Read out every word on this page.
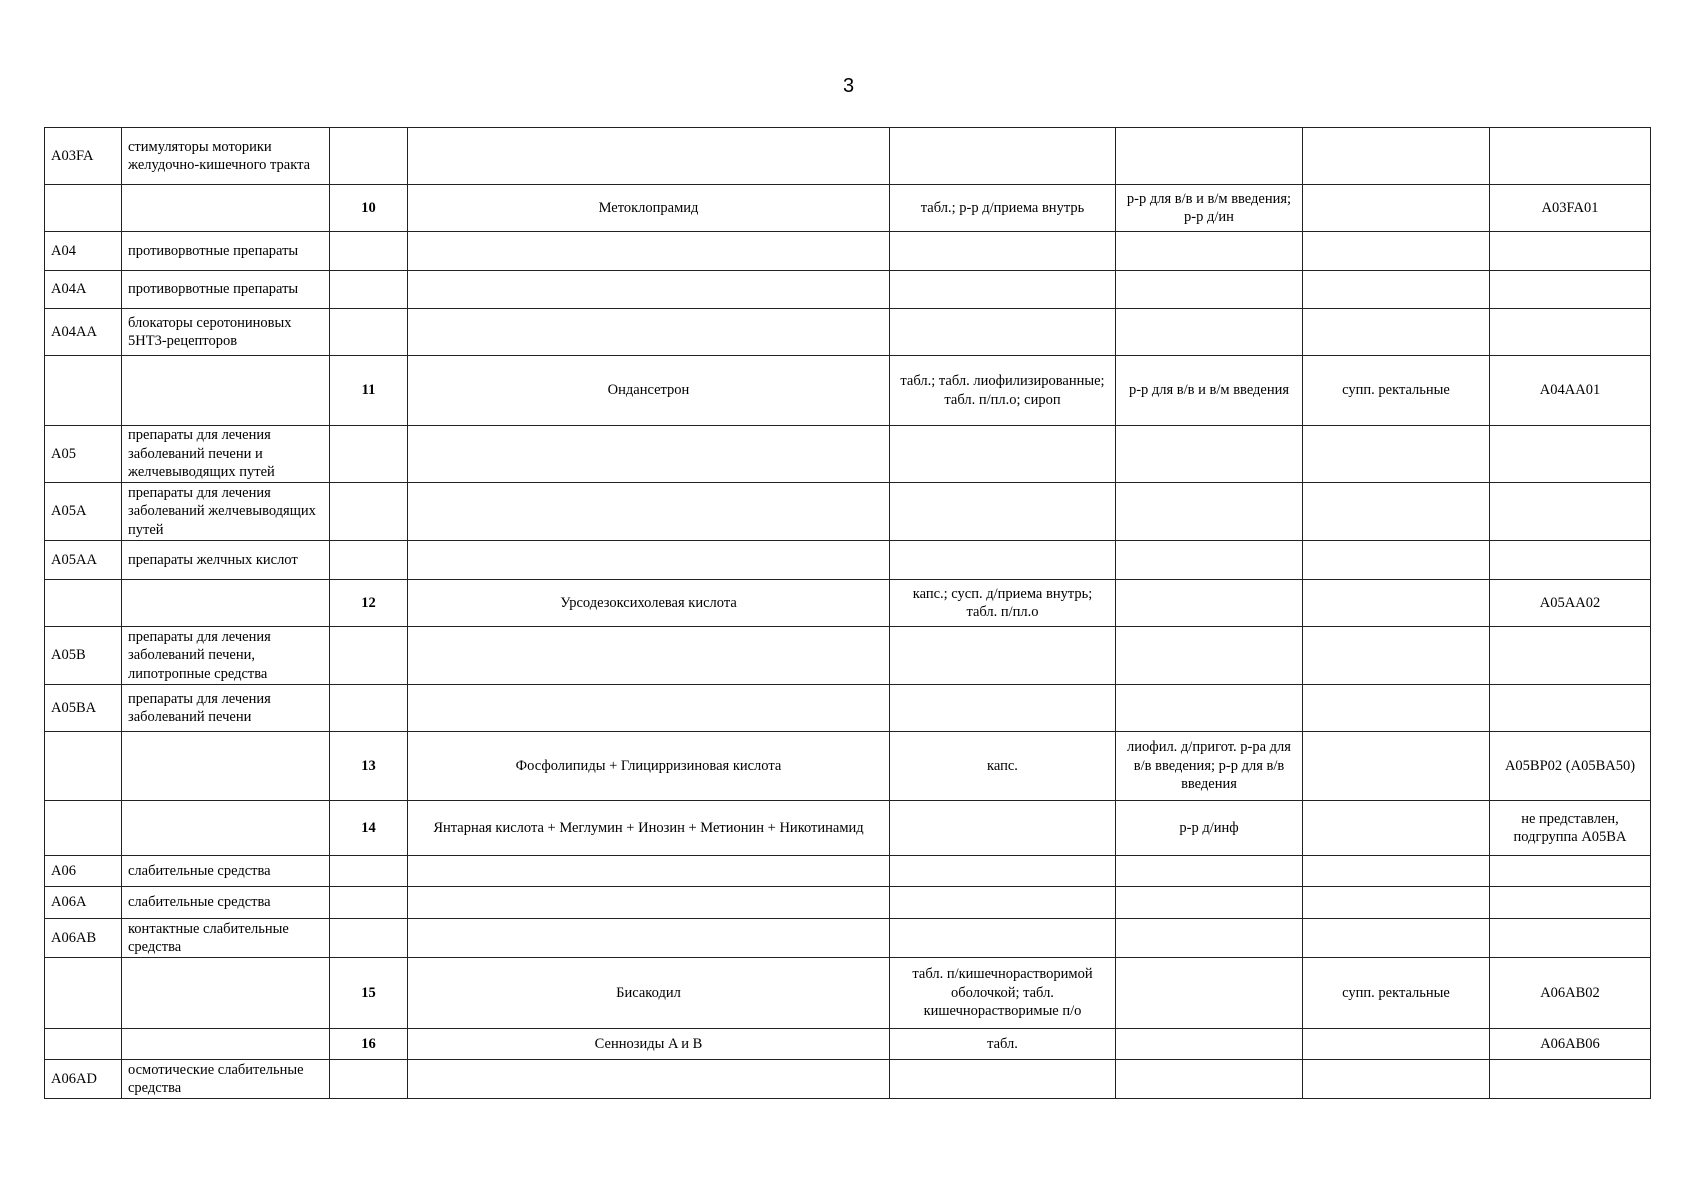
3
A03FA	стимуляторы моторики желудочно-кишечного тракта						
		10	Метоклопрамид	табл.; р-р д/приема внутрь	р-р для в/в и в/м введения; р-р д/ин		A03FA01
A04	противорвотные препараты						
A04A	противорвотные препараты						
A04AA	блокаторы серотониновых 5HT3-рецепторов						
		11	Ондансетрон	табл.; табл. лиофилизированные; табл. п/пл.о; сироп	р-р для в/в и в/м введения	супп. ректальные	A04AA01
A05	препараты для лечения заболеваний печени и желчевыводящих путей						
A05A	препараты для лечения заболеваний желчевыводящих путей						
A05AA	препараты желчных кислот						
		12	Урсодезоксихолевая кислота	капс.; сусп. д/приема внутрь; табл. п/пл.о			A05AA02
A05B	препараты для лечения заболеваний печени, липотропные средства						
A05BA	препараты для лечения заболеваний печени						
		13	Фосфолипиды + Глицирризиновая кислота	капс.	лиофил. д/пригот. р-ра для в/в введения; р-р для в/в введения		A05BP02 (A05BA50)
		14	Янтарная кислота + Меглумин + Инозин + Метионин + Никотинамид		р-р д/инф		не представлен, подгруппа A05BA
A06	слабительные средства						
A06A	слабительные средства						
A06AB	контактные слабительные средства						
		15	Бисакодил	табл. п/кишечнорастворимой оболочкой; табл. кишечнорастворимые п/о		супп. ректальные	A06AB02
		16	Сеннозиды A и B	табл.			A06AB06
A06AD	осмотические слабительные средства						
